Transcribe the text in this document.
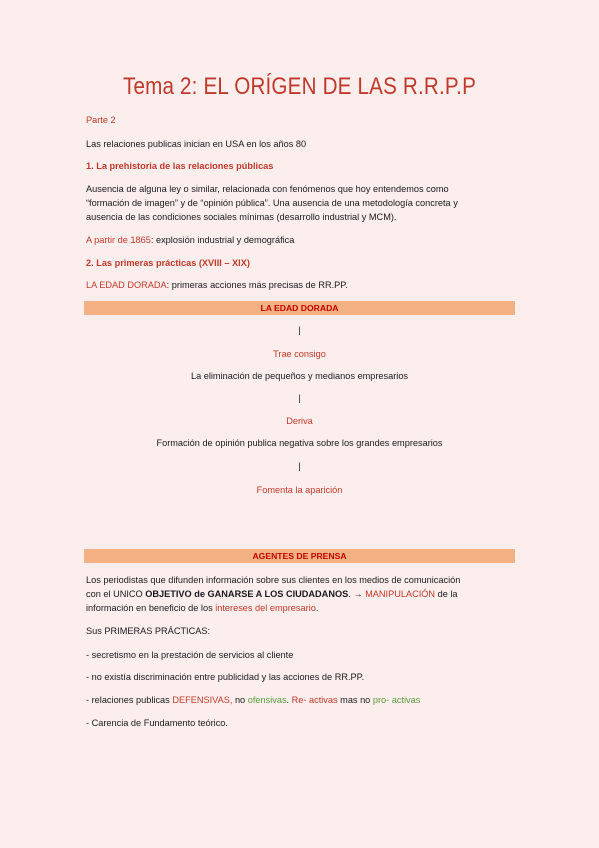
Tema 2: EL ORÍGEN DE LAS R.R.P.P
Parte 2
Las relaciones publicas inician en USA en los años 80
1. La prehistoria de las relaciones públicas
Ausencia de alguna ley o similar, relacionada con fenómenos que hoy entendemos como
“formación de imagen” y de “opinión pública”. Una ausencia de una metodología concreta y
ausencia de las condiciones sociales mínimas (desarrollo industrial y MCM).
A partir de 1865: explosión industrial y demográfica
2. Las primeras prácticas (XVIII – XIX)
LA EDAD DORADA: primeras acciones más precisas de RR.PP.
LA EDAD DORADA
|
Trae consigo
La eliminación de pequeños y medianos empresarios
|
Deriva
Formación de opinión publica negativa sobre los grandes empresarios
|
Fomenta la aparición
AGENTES DE PRENSA
Los periodistas que difunden información sobre sus clientes en los medios de comunicación
con el UNICO OBJETIVO de GANARSE A LOS CIUDADANOS. → MANIPULACIÓN de la
información en beneficio de los intereses del empresario.
Sus PRIMERAS PRÁCTICAS:
- secretismo en la prestación de servicios al cliente
- no existía discriminación entre publicidad y las acciones de RR.PP.
- relaciones publicas DEFENSIVAS, no ofensivas. Re- activas mas no pro- activas
- Carencia de Fundamento teórico.
